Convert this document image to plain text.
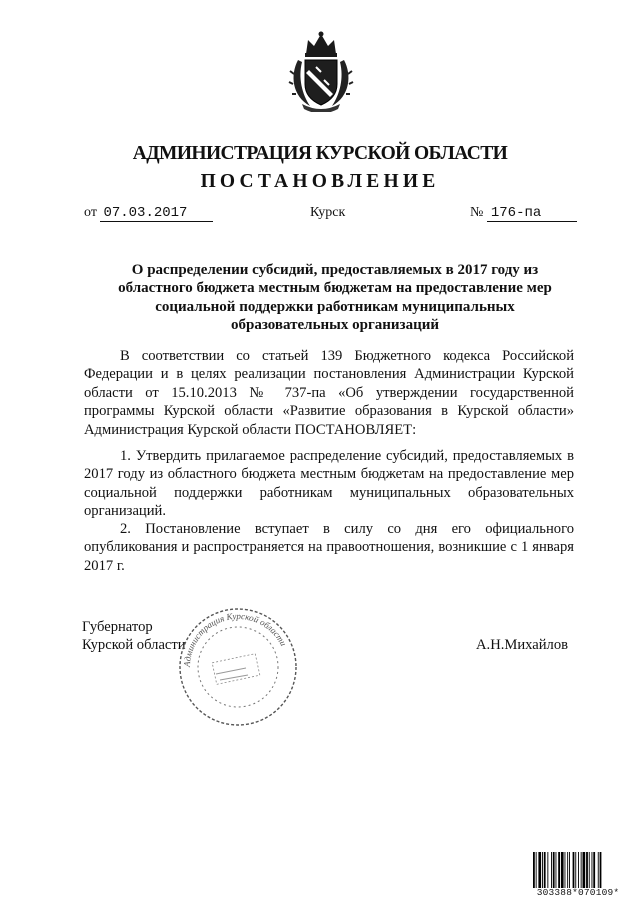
АДМИНИСТРАЦИЯ КУРСКОЙ ОБЛАСТИ
ПОСТАНОВЛЕНИЕ
от 07.03.2017	Курск	№ 176-па
О распределении субсидий, предоставляемых в 2017 году из
областного бюджета местным бюджетам на предоставление мер
социальной поддержки работникам муниципальных
образовательных организаций
В соответствии со статьей 139 Бюджетного кодекса Российской Федерации и в целях реализации постановления Администрации Курской области от 15.10.2013 № 737-па «Об утверждении государственной программы Курской области «Развитие образования в Курской области» Администрация Курской области ПОСТАНОВЛЯЕТ:
1. Утвердить прилагаемое распределение субсидий, предоставляемых в 2017 году из областного бюджета местным бюджетам на предоставление мер социальной поддержки работникам муниципальных образовательных организаций.
2. Постановление вступает в силу со дня его официального опубликования и распространяется на правоотношения, возникшие с 1 января 2017 г.
Губернатор
Курской области	А.Н.Михайлов
Администрация Курской области
303388*070109*
